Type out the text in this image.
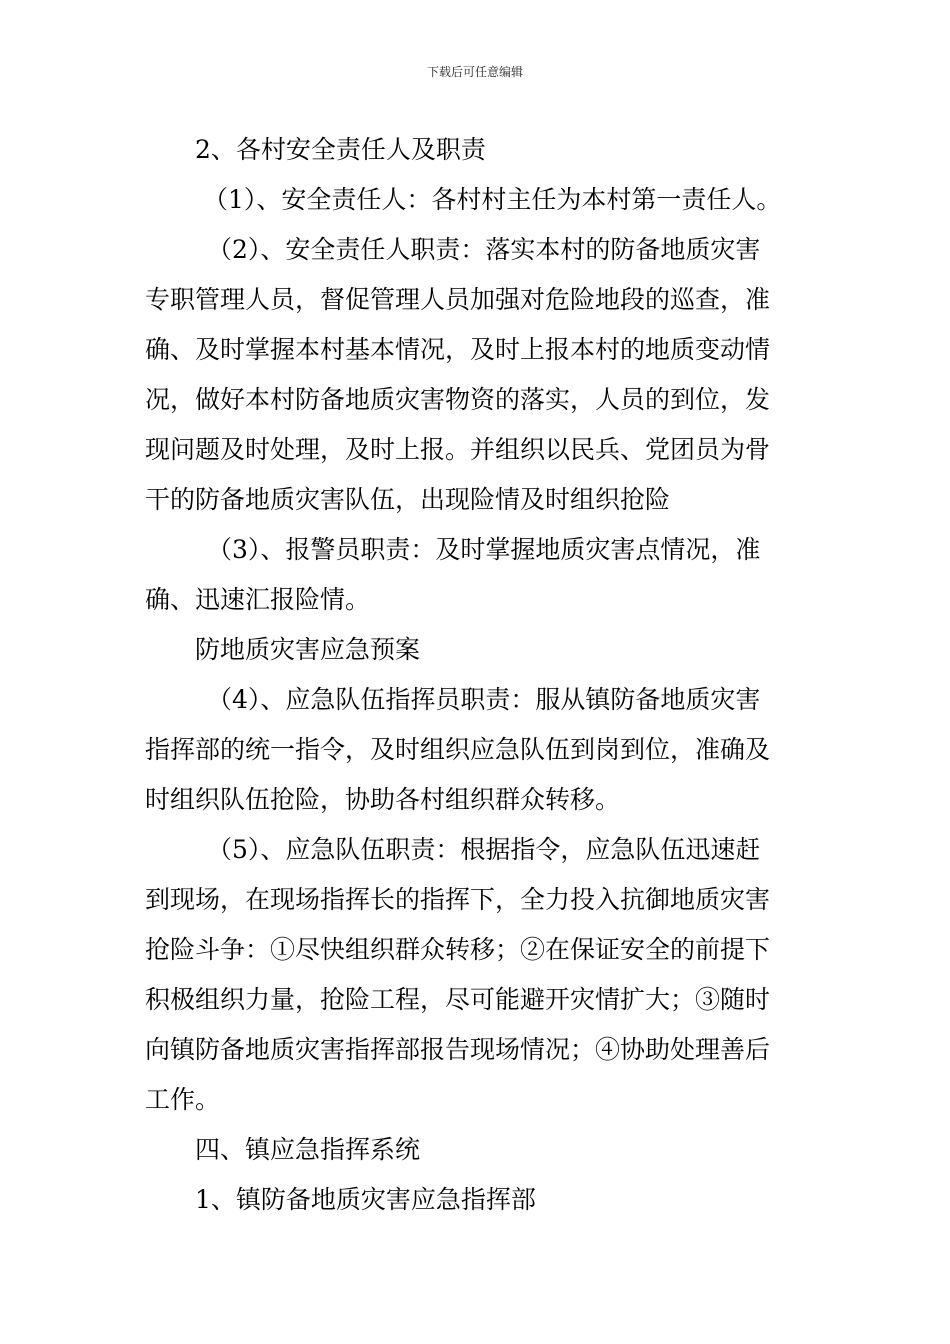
下载后可任意编辑
2、各村安全责任人及职责
（1）、安全责任人：各村村主任为本村第一责任人。
（2）、安全责任人职责：落实本村的防备地质灾害
专职管理人员，督促管理人员加强对危险地段的巡查，准
确、及时掌握本村基本情况，及时上报本村的地质变动情
况，做好本村防备地质灾害物资的落实，人员的到位，发
现问题及时处理，及时上报。并组织以民兵、党团员为骨
干的防备地质灾害队伍，出现险情及时组织抢险
（3）、报警员职责：及时掌握地质灾害点情况，准
确、迅速汇报险情。
防地质灾害应急预案
（4）、应急队伍指挥员职责：服从镇防备地质灾害
指挥部的统一指令，及时组织应急队伍到岗到位，准确及
时组织队伍抢险，协助各村组织群众转移。
（5）、应急队伍职责：根据指令，应急队伍迅速赶
到现场，在现场指挥长的指挥下，全力投入抗御地质灾害
抢险斗争：①尽快组织群众转移；②在保证安全的前提下
积极组织力量，抢险工程，尽可能避开灾情扩大；③随时
向镇防备地质灾害指挥部报告现场情况；④协助处理善后
工作。
四、镇应急指挥系统
1、镇防备地质灾害应急指挥部
